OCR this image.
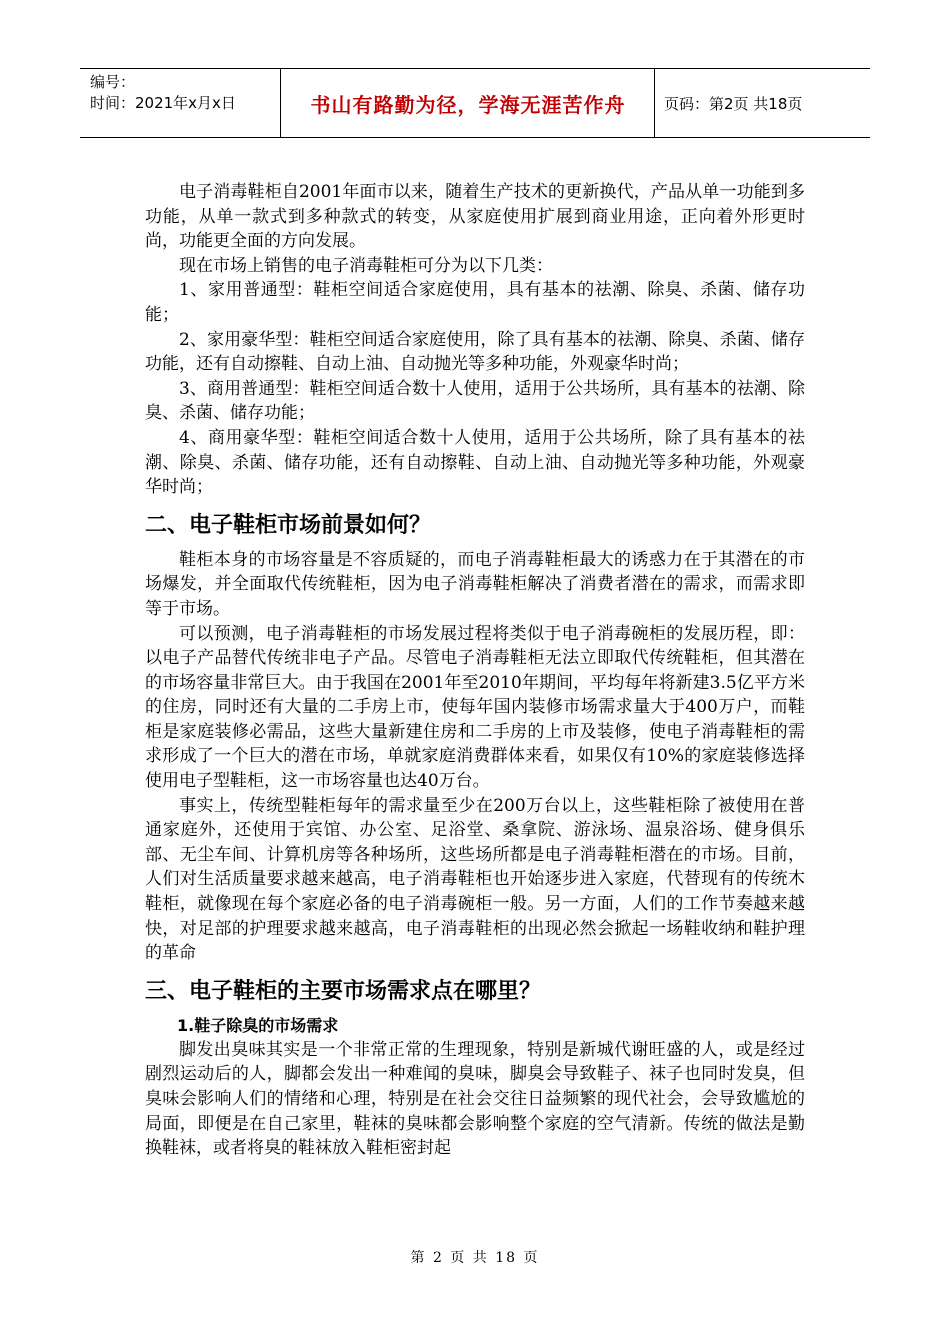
编号：
时间：2021年x月x日	书山有路勤为径，学海无涯苦作舟	页码：第2页 共18页

电子消毒鞋柜自2001年面市以来，随着生产技术的更新换代，产品从单一功能到多功能，从单一款式到多种款式的转变，从家庭使用扩展到商业用途，正向着外形更时尚，功能更全面的方向发展。

现在市场上销售的电子消毒鞋柜可分为以下几类：

1、家用普通型：鞋柜空间适合家庭使用，具有基本的祛潮、除臭、杀菌、储存功能；

2、家用豪华型：鞋柜空间适合家庭使用，除了具有基本的祛潮、除臭、杀菌、储存功能，还有自动擦鞋、自动上油、自动抛光等多种功能，外观豪华时尚；

3、商用普通型：鞋柜空间适合数十人使用，适用于公共场所，具有基本的祛潮、除臭、杀菌、储存功能；

4、商用豪华型：鞋柜空间适合数十人使用，适用于公共场所，除了具有基本的祛潮、除臭、杀菌、储存功能，还有自动擦鞋、自动上油、自动抛光等多种功能，外观豪华时尚；

二、电子鞋柜市场前景如何？

鞋柜本身的市场容量是不容质疑的，而电子消毒鞋柜最大的诱惑力在于其潜在的市场爆发，并全面取代传统鞋柜，因为电子消毒鞋柜解决了消费者潜在的需求，而需求即等于市场。

可以预测，电子消毒鞋柜的市场发展过程将类似于电子消毒碗柜的发展历程，即：以电子产品替代传统非电子产品。尽管电子消毒鞋柜无法立即取代传统鞋柜，但其潜在的市场容量非常巨大。由于我国在2001年至2010年期间，平均每年将新建3.5亿平方米的住房，同时还有大量的二手房上市，使每年国内装修市场需求量大于400万户，而鞋柜是家庭装修必需品，这些大量新建住房和二手房的上市及装修，使电子消毒鞋柜的需求形成了一个巨大的潜在市场，单就家庭消费群体来看，如果仅有10%的家庭装修选择使用电子型鞋柜，这一市场容量也达40万台。

事实上，传统型鞋柜每年的需求量至少在200万台以上，这些鞋柜除了被使用在普通家庭外，还使用于宾馆、办公室、足浴堂、桑拿院、游泳场、温泉浴场、健身俱乐部、无尘车间、计算机房等各种场所，这些场所都是电子消毒鞋柜潜在的市场。目前，人们对生活质量要求越来越高，电子消毒鞋柜也开始逐步进入家庭，代替现有的传统木鞋柜，就像现在每个家庭必备的电子消毒碗柜一般。另一方面，人们的工作节奏越来越快，对足部的护理要求越来越高，电子消毒鞋柜的出现必然会掀起一场鞋收纳和鞋护理的革命

三、电子鞋柜的主要市场需求点在哪里？
1.鞋子除臭的市场需求

脚发出臭味其实是一个非常正常的生理现象，特别是新城代谢旺盛的人，或是经过剧烈运动后的人，脚都会发出一种难闻的臭味，脚臭会导致鞋子、袜子也同时发臭，但臭味会影响人们的情绪和心理，特别是在社会交往日益频繁的现代社会，会导致尴尬的局面，即便是在自己家里，鞋袜的臭味都会影响整个家庭的空气清新。传统的做法是勤换鞋袜，或者将臭的鞋袜放入鞋柜密封起

第 2 页 共 18 页
